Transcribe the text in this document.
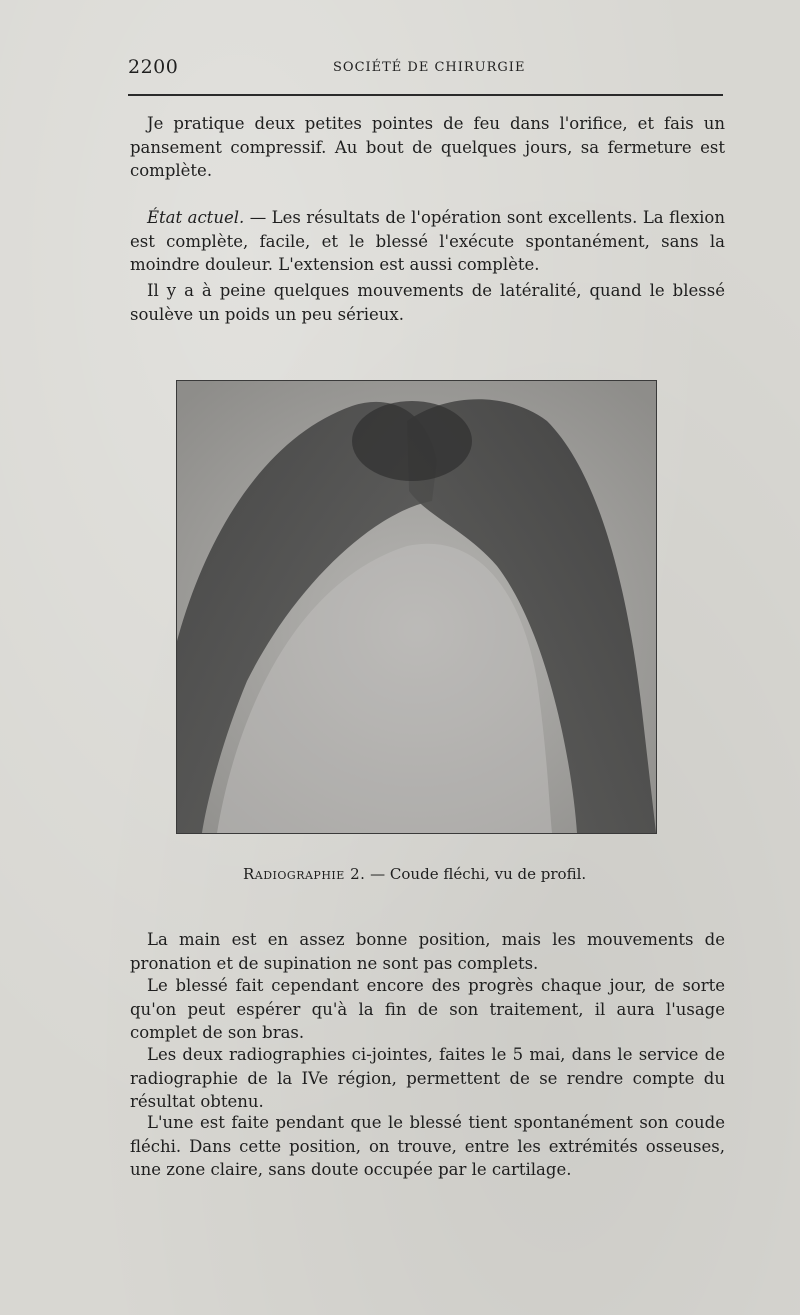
2200	SOCIÉTÉ DE CHIRURGIE

Je pratique deux petites pointes de feu dans l'orifice, et fais un pansement compressif. Au bout de quelques jours, sa fermeture est complète.

État actuel. — Les résultats de l'opération sont excellents. La flexion est complète, facile, et le blessé l'exécute spontanément, sans la moindre douleur. L'extension est aussi complète.

Il y a à peine quelques mouvements de latéralité, quand le blessé soulève un poids un peu sérieux.

Radiographie 2. — Coude fléchi, vu de profil.

La main est en assez bonne position, mais les mouvements de pronation et de supination ne sont pas complets.

Le blessé fait cependant encore des progrès chaque jour, de sorte qu'on peut espérer qu'à la fin de son traitement, il aura l'usage complet de son bras.

Les deux radiographies ci-jointes, faites le 5 mai, dans le service de radiographie de la IVe région, permettent de se rendre compte du résultat obtenu.

L'une est faite pendant que le blessé tient spontanément son coude fléchi. Dans cette position, on trouve, entre les extrémités osseuses, une zone claire, sans doute occupée par le cartilage.
